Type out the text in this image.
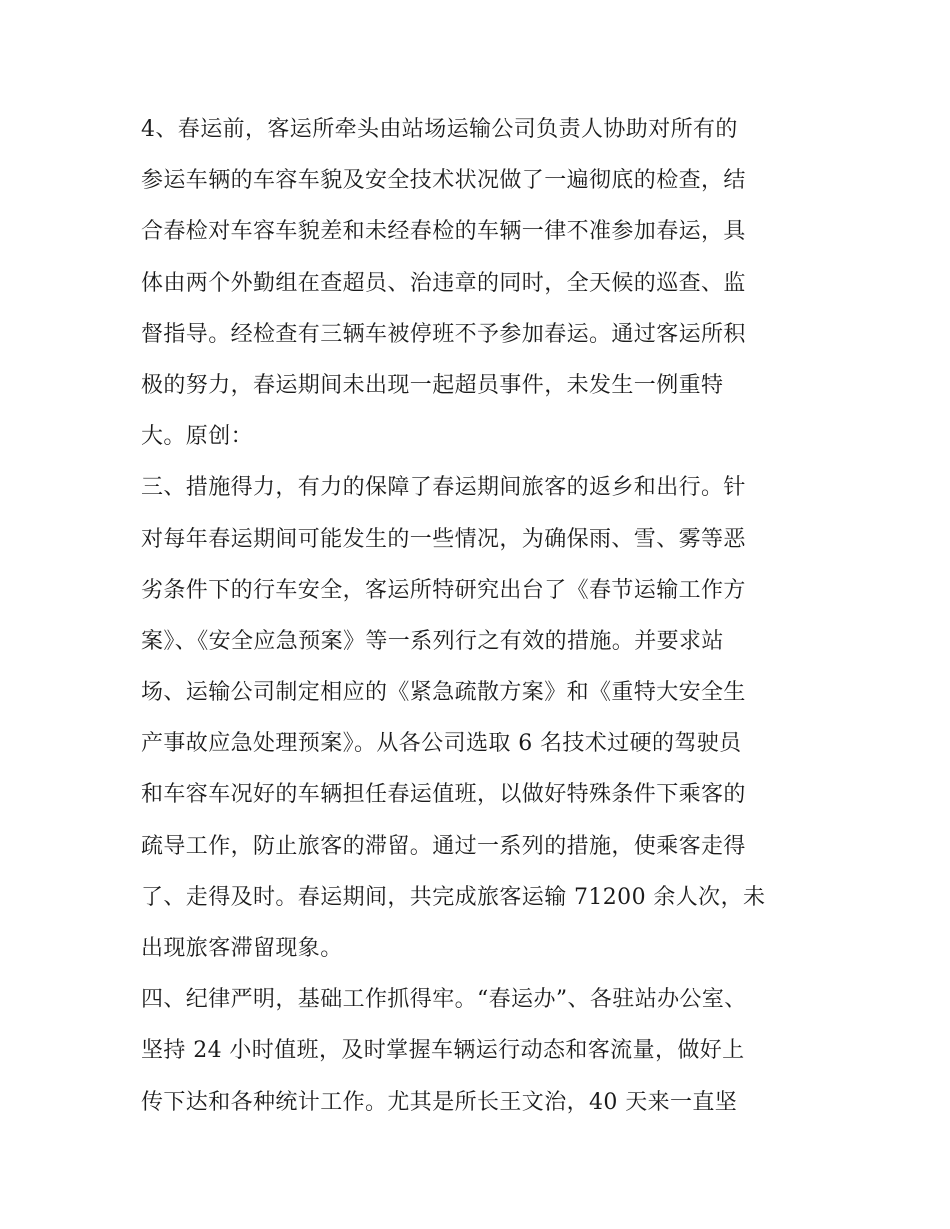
4、春运前，客运所牵头由站场运输公司负责人协助对所有的
参运车辆的车容车貌及安全技术状况做了一遍彻底的检查，结
合春检对车容车貌差和未经春检的车辆一律不准参加春运，具
体由两个外勤组在查超员、治违章的同时，全天候的巡查、监
督指导。经检查有三辆车被停班不予参加春运。通过客运所积
极的努力，春运期间未出现一起超员事件，未发生一例重特
大。原创：
三、措施得力，有力的保障了春运期间旅客的返乡和出行。针
对每年春运期间可能发生的一些情况，为确保雨、雪、雾等恶
劣条件下的行车安全，客运所特研究出台了《春节运输工作方
案》、《安全应急预案》等一系列行之有效的措施。并要求站
场、运输公司制定相应的《紧急疏散方案》和《重特大安全生
产事故应急处理预案》。从各公司选取 6 名技术过硬的驾驶员
和车容车况好的车辆担任春运值班，以做好特殊条件下乘客的
疏导工作，防止旅客的滞留。通过一系列的措施，使乘客走得
了、走得及时。春运期间，共完成旅客运输 71200 余人次，未
出现旅客滞留现象。
四、纪律严明，基础工作抓得牢。“春运办”、各驻站办公室、
坚持 24 小时值班，及时掌握车辆运行动态和客流量，做好上
传下达和各种统计工作。尤其是所长王文治，40 天来一直坚
